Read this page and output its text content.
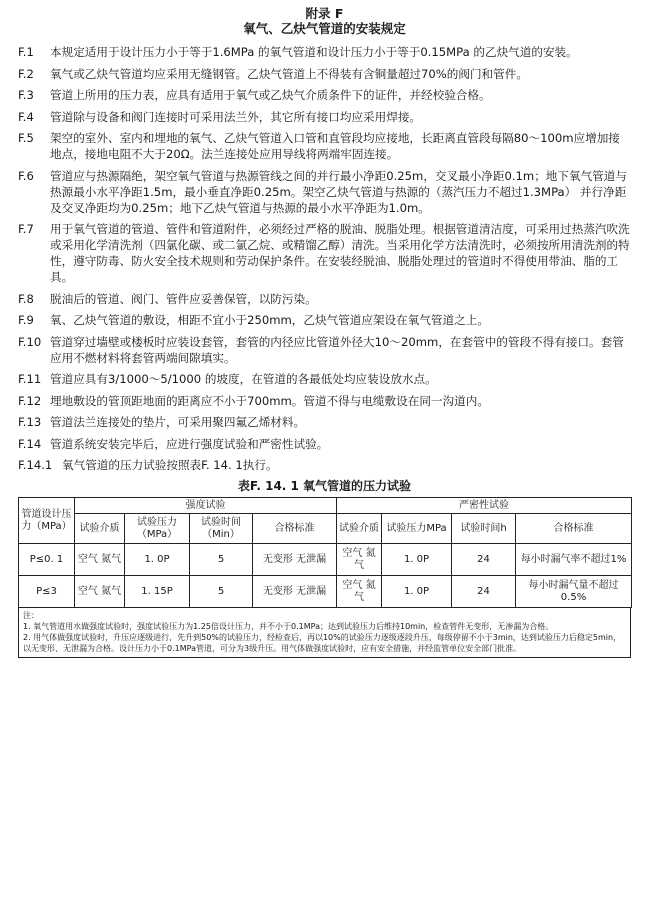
附录 F
氧气、乙炔气管道的安装规定
F.1	本规定适用于设计压力小于等于1.6MPa 的氧气管道和设计压力小于等于0.15MPa 的乙炔气道的安装。
F.2	氧气或乙炔气管道均应采用无缝钢管。乙炔气管道上不得装有含铜量超过70%的阀门和管件。
F.3	管道上所用的压力表，应具有适用于氧气或乙炔气介质条件下的证件，并经校验合格。
F.4	管道除与设备和阀门连接时可采用法兰外，其它所有接口均应采用焊接。
F.5	架空的室外、室内和埋地的氧气、乙炔气管道入口管和直管段均应接地，长距离直管段每隔80～100m应增加接地点，接地电阻不大于20Ω。法兰连接处应用导线将两端牢固连接。
F.6	管道应与热源隔绝，架空氧气管道与热源管线之间的并行最小净距0.25m，交叉最小净距0.1m；地下氧气管道与热源最小水平净距1.5m，最小垂直净距0.25m。架空乙炔气管道与热源的（蒸汽压力不超过1.3MPa） 并行净距及交叉净距均为0.25m；地下乙炔气管道与热源的最小水平净距为1.0m。
F.7	用于氧气管道的管道、管件和管道附件，必须经过严格的脱油、脱脂处理。根据管道清洁度，可采用过热蒸汽吹洗或采用化学清洗剂（四氯化碳、或二氯乙烷、或精馏乙醇）清洗。当采用化学方法清洗时，必须按所用清洗剂的特性，遵守防毒、防火安全技术规则和劳动保护条件。在安装经脱油、脱脂处理过的管道时不得使用带油、脂的工具。
F.8	脱油后的管道、阀门、管件应妥善保管，以防污染。
F.9	氧、乙炔气管道的敷设，相距不宜小于250mm，乙炔气管道应架设在氧气管道之上。
F.10 管道穿过墙壁或楼板时应装设套管，套管的内径应比管道外径大10～20mm，在套管中的管段不得有接口。套管应用不燃材料将套管两端间隙填实。
F.11 管道应具有3/1000～5/1000 的坡度，在管道的各最低处均应装设放水点。
F.12 埋地敷设的管顶距地面的距离应不小于700mm。管道不得与电缆敷设在同一沟道内。
F.13 管道法兰连接处的垫片，可采用聚四氟乙烯材料。
F.14 管道系统安装完毕后，应进行强度试验和严密性试验。
F.14.1 氧气管道的压力试验按照表F. 14. 1执行。
表F. 14. 1 氧气管道的压力试验
管道设计压力（MPa）	强度试验				严密性试验			
	试验介质	试验压力（MPa）	试验时间（Min）	合格标准	试验介质	试验压力MPa	试验时间h	合格标准
P≤0. 1	空气 氮气	1. 0P	5	无变形 无泄漏	空气 氮气	1. 0P	24	每小时漏气率不超过1%
P≤3	空气 氮气	1. 15P	5	无变形 无泄漏	空气 氮气	1. 0P	24	每小时漏气量不超过0.5%
注：
1. 氧气管道用水做强度试验时，强度试验压力为1.25倍设计压力，并不小于0.1MPa；达到试验压力后维持10min，检查管件无变形，无渗漏为合格。
2. 用气体做强度试验时，升压应逐级进行，先升到50%的试验压力，经检查后，再以10%的试验压力逐级逐段升压，每级停留不小于3min，达到试验压力后稳定5min，以无变形、无泄漏为合格。设计压力小于0.1MPa管道，可分为3级升压。用气体做强度试验时，应有安全措施，并经监管单位安全部门批准。
